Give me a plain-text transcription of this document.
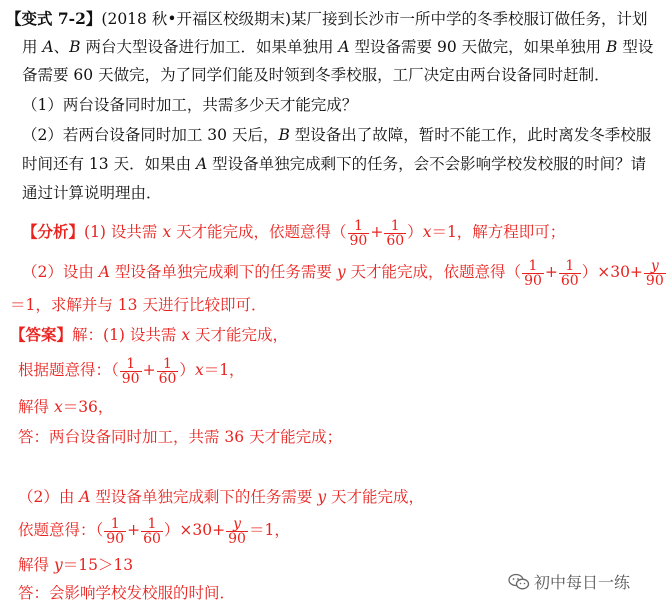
【变式 7-2】(2018 秋•开福区校级期末)某厂接到长沙市一所中学的冬季校服订做任务，计划
用 A、B 两台大型设备进行加工．如果单独用 A 型设备需要 90 天做完，如果单独用 B 型设
备需要 60 天做完，为了同学们能及时领到冬季校服，工厂决定由两台设备同时赶制．
（1）两台设备同时加工，共需多少天才能完成？
（2）若两台设备同时加工 30 天后，B 型设备出了故障，暂时不能工作，此时离发冬季校服
时间还有 13 天．如果由 A 型设备单独完成剩下的任务，会不会影响学校发校服的时间？请
通过计算说明理由．
【分析】(1) 设共需 x 天才能完成，依题意得（ $\frac{1}{90} + \frac{1}{60} )x=1$，解方程即可；
（2）设由 A 型设备单独完成剩下的任务需要 y 天才能完成，依题意得（ $\frac{1}{90} + \frac{1}{60} )\times 30+ \frac{y}{90}$
＝1，求解并与 13 天进行比较即可．
【答案】解：(1) 设共需 x 天才能完成，
根据题意得：（ $\frac{1}{90} + \frac{1}{60} )x=1$，
解得 x＝36，
答：两台设备同时加工，共需 36 天才能完成；
（2）由 A 型设备单独完成剩下的任务需要 y 天才能完成，
依题意得：（ $\frac{1}{90} + \frac{1}{60} )\times 30+ \frac{y}{90} =1$，
解得 y＝15＞13
答：会影响学校发校服的时间．
初中每日一练
